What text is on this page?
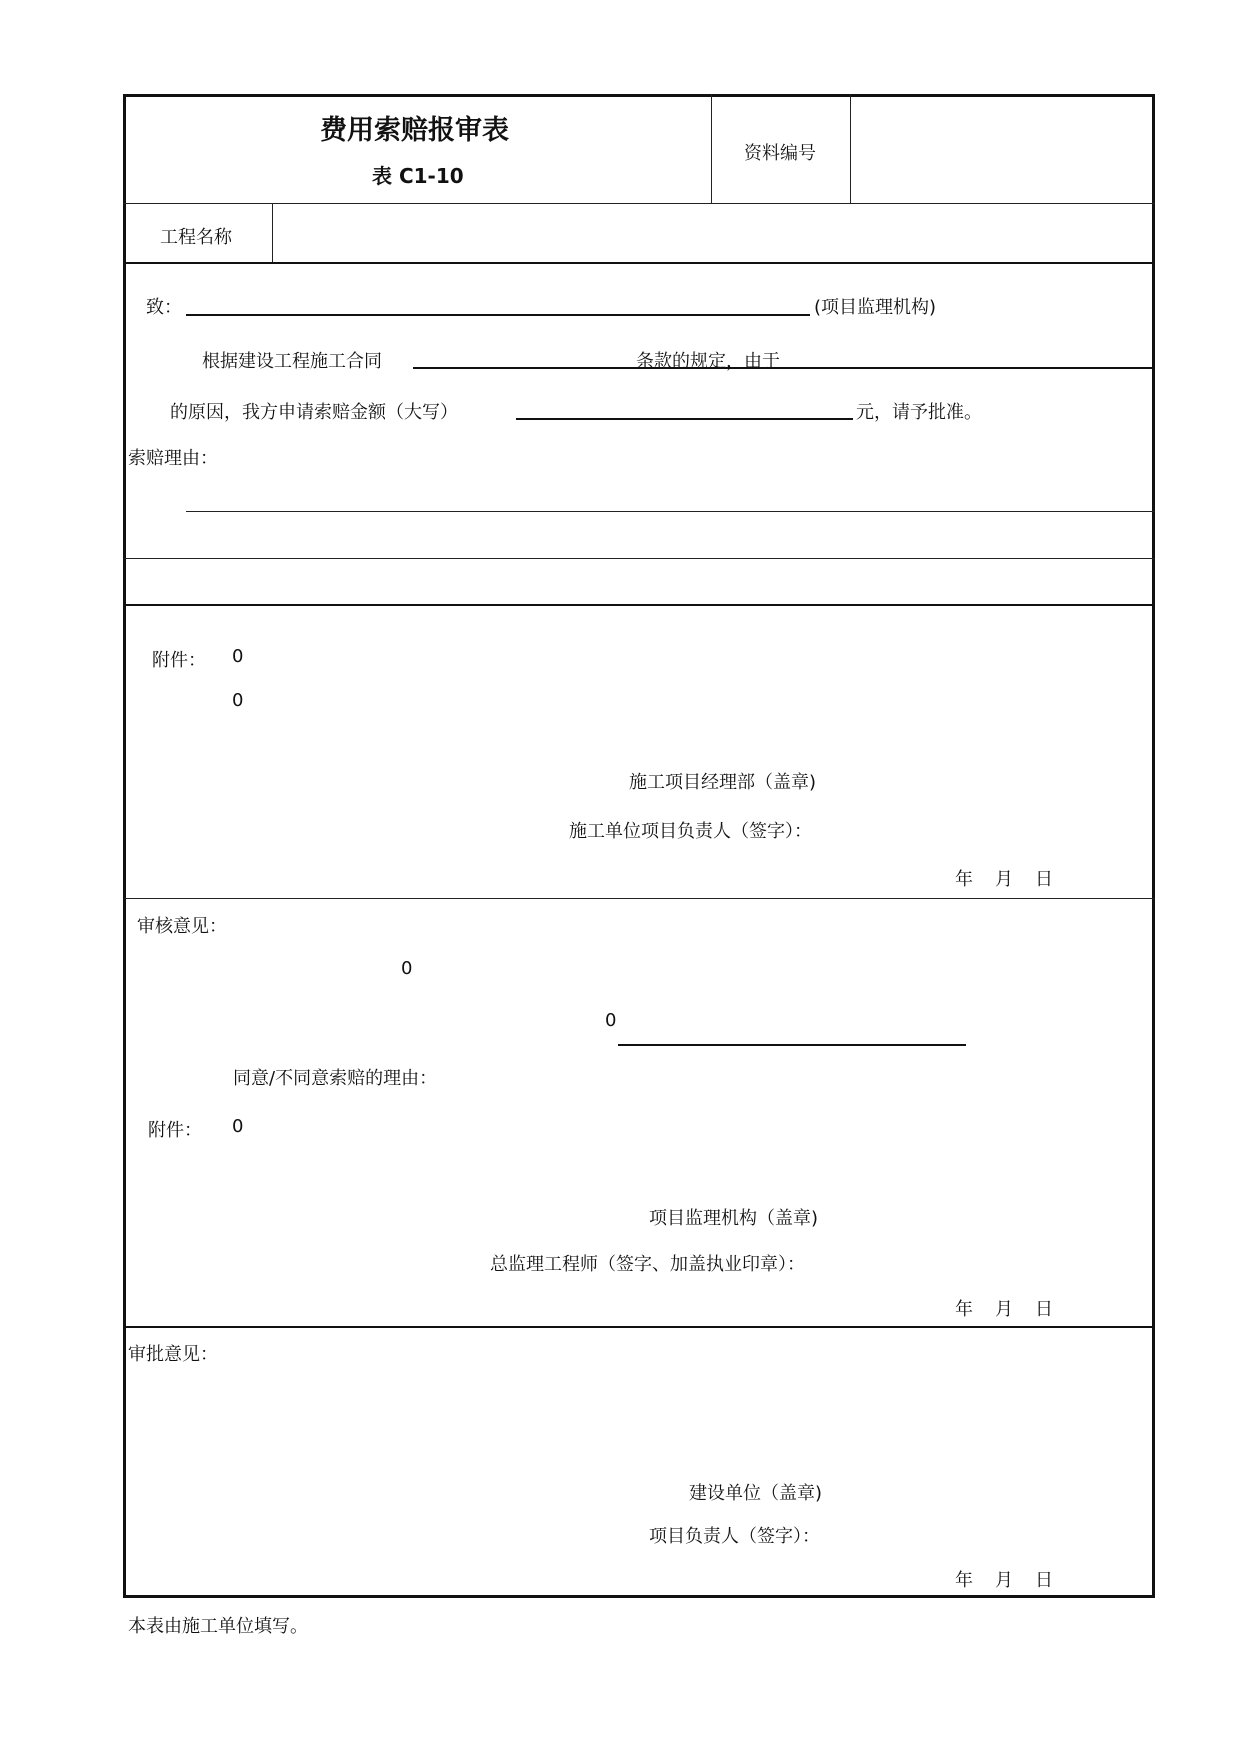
费用索赔报审表
表 C1-10
资料编号
工程名称
致：	(项目监理机构)
根据建设工程施工合同	条款的规定，由于
的原因，我方申请索赔金额（大写）	元，请予批准。
索赔理由：
附件： 0
0
施工项目经理部（盖章)
施工单位项目负责人（签字）：
年 月 日
审核意见：
0
0
同意/不同意索赔的理由：
附件： 0
项目监理机构（盖章)
总监理工程师（签字、加盖执业印章）：
年 月 日
审批意见：
建设单位（盖章)
项目负责人（签字）：
年 月 日
本表由施工单位填写。
